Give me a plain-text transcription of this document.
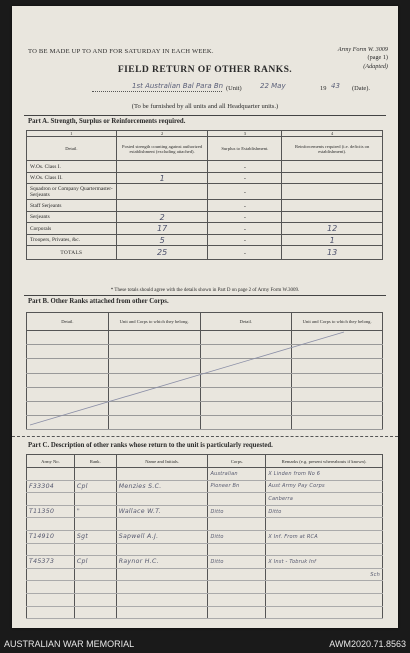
TO BE MADE UP TO AND FOR SATURDAY IN EACH WEEK.	Army Form W. 3009
(page 1)
(Adapted)
FIELD RETURN OF OTHER RANKS.
1st Australian Bal Para Bn (Unit)	22 May	19 43 (Date).
(To be furnished by all units and all Headquarter units.)
Part A. Strength, Surplus or Reinforcements required.
1	2	3	4
Detail.	Posted strength counting against authorized establishment (excluding attached).	Surplus to Establishment.	Reinforcements required (i.e. deficits on establishment).
W.Os. Class I.		-	
W.Os. Class II.	1	-	
Squadron or Company Quartermaster-Serjeants		-	
Staff Serjeants		-	
Serjeants	2	-	
Corporals	17	-	12
Troopers, Privates, &c.	5	-	1
TOTALS	25	-	13
* These totals should agree with the details shown in Part D on page 2 of Army Form W.3009.
Part B. Other Ranks attached from other Corps.
Detail.	Unit and Corps to which they belong.	Detail.	Unit and Corps to which they belong.

Part C. Description of other ranks whose return to the unit is particularly requested.
Army No.	Rank.	Name and Initials.	Corps.	Remarks (e.g. present whereabouts if known).
			Australian	X Linden from No 6
F33304	Cpl	Menzies S.C.	Pioneer Bn	Aust Army Pay Corps
				Canberra
T11350	"	Wallace W.T.	Ditto	Ditto

T14910	Sgt	Sapwell A.J.	Ditto	X Inf. From at RCA

T45373	Cpl	Raynor H.C.	Ditto	X Inst - Tobruk Inf
				Sch

AUSTRALIAN WAR MEMORIAL	AWM2020.71.8563
